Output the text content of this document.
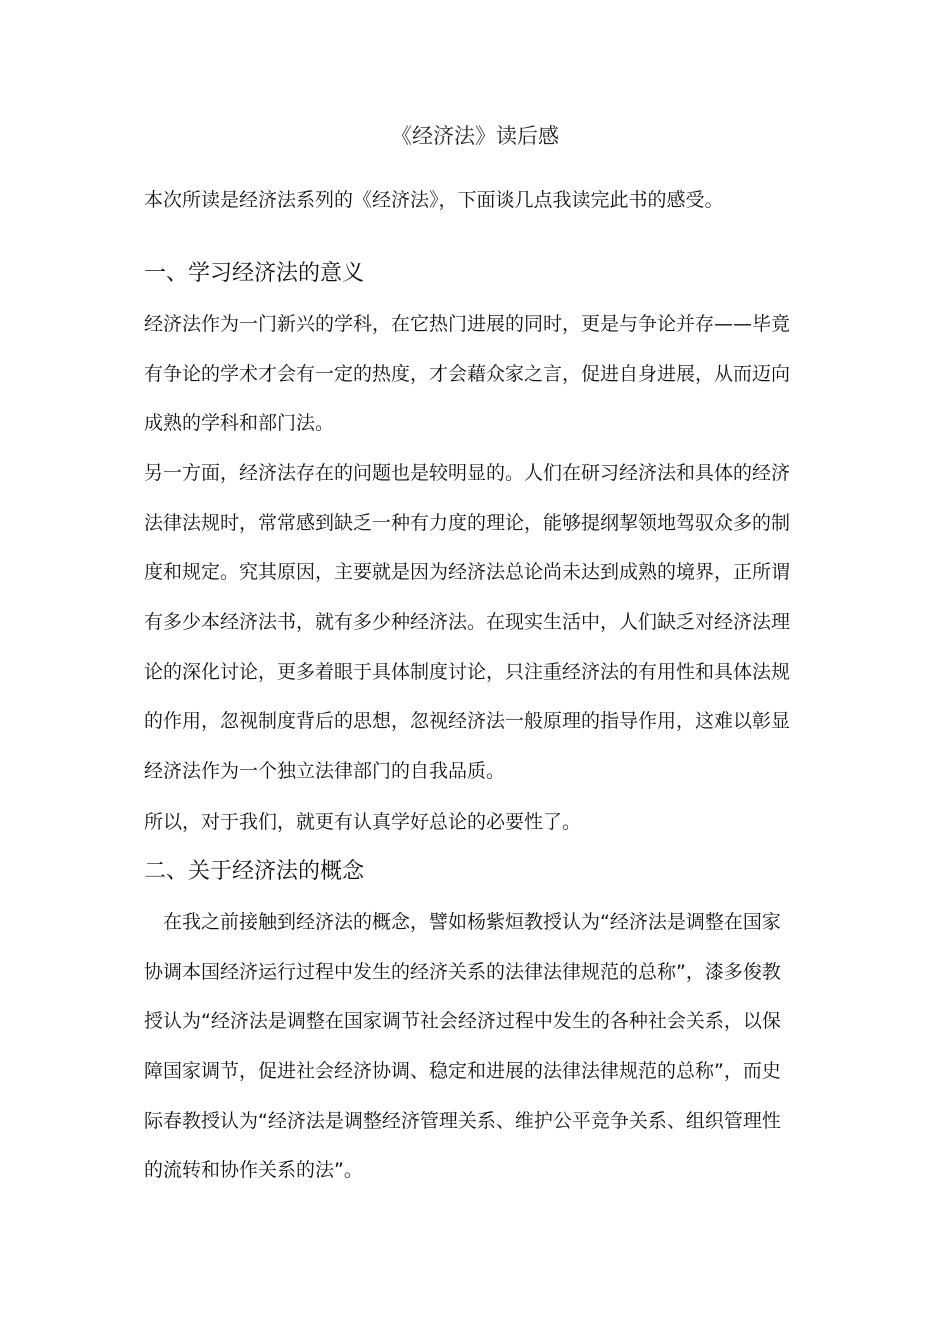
《经济法》读后感
本次所读是经济法系列的《经济法》，下面谈几点我读完此书的感受。
一、学习经济法的意义
经济法作为一门新兴的学科，在它热门进展的同时，更是与争论并存——毕竟
有争论的学术才会有一定的热度，才会藉众家之言，促进自身进展，从而迈向
成熟的学科和部门法。
另一方面，经济法存在的问题也是较明显的。人们在研习经济法和具体的经济
法律法规时，常常感到缺乏一种有力度的理论，能够提纲挈领地驾驭众多的制
度和规定。究其原因，主要就是因为经济法总论尚未达到成熟的境界，正所谓
有多少本经济法书，就有多少种经济法。在现实生活中，人们缺乏对经济法理
论的深化讨论，更多着眼于具体制度讨论，只注重经济法的有用性和具体法规
的作用，忽视制度背后的思想，忽视经济法一般原理的指导作用，这难以彰显
经济法作为一个独立法律部门的自我品质。
所以，对于我们，就更有认真学好总论的必要性了。
二、关于经济法的概念
在我之前接触到经济法的概念，譬如杨紫烜教授认为“经济法是调整在国家
协调本国经济运行过程中发生的经济关系的法律法律规范的总称”，漆多俊教
授认为“经济法是调整在国家调节社会经济过程中发生的各种社会关系，以保
障国家调节，促进社会经济协调、稳定和进展的法律法律规范的总称”，而史
际春教授认为“经济法是调整经济管理关系、维护公平竞争关系、组织管理性
的流转和协作关系的法”。
